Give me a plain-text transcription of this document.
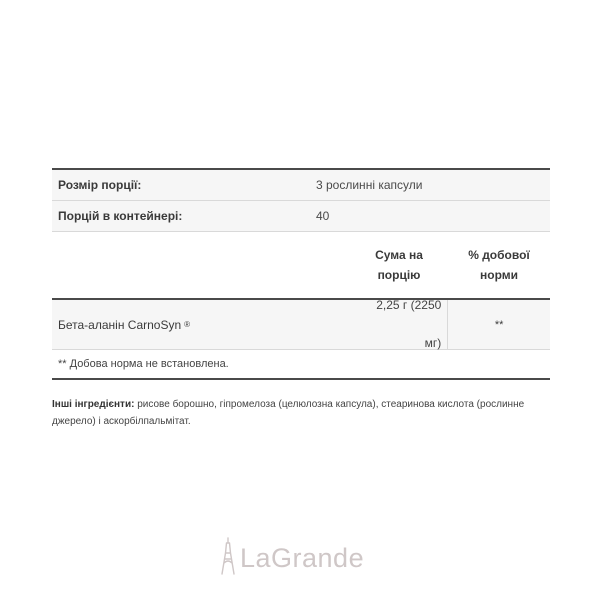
Розмір порції:	3 рослинні капсули
Порцій в контейнері:	40
Сума на
порцію
% добової
норми
Бета-аланін CarnoSyn ®
2,25 г (2250

мг)
**
** Добова норма не встановлена.
Інші інгредієнти: рисове борошно, гіпромелоза (целюлозна капсула), стеаринова кислота (рослинне джерело) і аскорбілпальмітат.
LaGrande
